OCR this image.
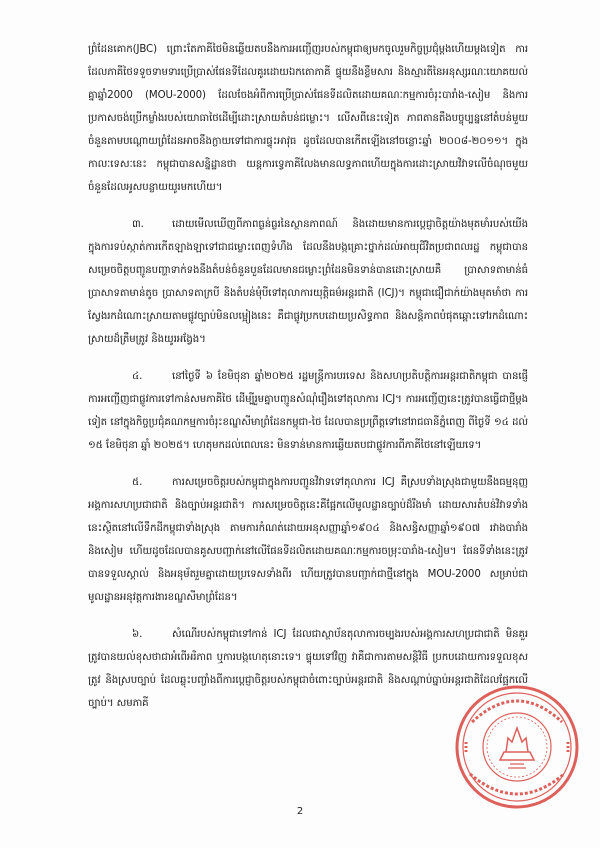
ព្រំដែនគោក(JBC) ព្រោះតែភាគីថៃមិនឆ្លើយតបនឹងការអញ្ជើញរបស់កម្ពុជាឲ្យមកចូលរួមកិច្ចប្រជុំម្តងហើយម្តងទៀត ការដែលភាគីថៃទទួចទាមទារប្រើប្រាស់ផែនទីដែលគូរដោយឯកតោភាគី ផ្ទុយនឹងខ្លឹមសារ និងស្មារតីនៃអនុស្សរណៈយោគយល់គ្នាឆ្នាំ2000 (MOU-2000) ដែលចែងអំពីការប្រើប្រាស់ផែនទីដលិតដោយគណៈកម្មការចំរុះបារាំង-សៀម និងការប្រកាសចង់ប្រើកម្លាំងរបស់យោធាថៃដើម្បីដោះស្រាយតំបន់ជម្លោះ។ លើសពីនេះទៀត ភាពតានតឹងបច្ចុប្បន្ននៅតំបន់មួយចំនួនតាមបណ្តោយព្រំដែនអាចនឹងក្លាយទៅជាការផ្ទុះអាវុធ ដូចដែលបានកើតឡើងនៅចន្លោះឆ្នាំ ២០០៨-២០១១។ ក្នុងកាលៈទេសៈនេះ កម្ពុជាបានសន្និដ្ឋានថា យន្តការទ្វេភាគីលែងមានលទ្ធភាពហើយក្នុងការដោះស្រាយវិវាទលើចំណុចមួយចំនួនដែលអូសបន្លាយយូរមកហើយ។

៣.	ដោយមើលឃើញពីភាពធ្ងន់ធ្ងរនៃស្ថានភាពណ៍ និងដោយមានការប្តេជ្ញាចិត្តយ៉ាងមុតមាំរបស់យើងក្នុងការទប់ស្កាត់ការកើតឡាងឡាទៅជាជម្លោះពេញទំហឹង ដែលនឹងបង្កគ្រោះថ្នាក់ដល់អាយុជីវិតប្រជាពលរដ្ឋ កម្ពុជាបានសម្រេចចិត្តបញ្ជូនបញ្ហាទាក់ទងនឹងតំបន់ចំនួនបួនដែលមានជម្លោះព្រំដែនមិនទាន់បានដោះស្រាយគឺ ប្រាសាទតាមាន់ធំ ប្រាសាទតាមាន់តូច ប្រាសាទតាក្របី និងតំបន់មុំបីទៅតុលាការយុត្តិធម៌អន្តរជាតិ (ICJ)។ កម្ពុជាជឿជាក់យ៉ាងមុតមាំថា ការស្វែងរកដំណោះស្រាយតាមផ្លូវច្បាប់មិនលម្អៀងនេះ គឺជាផ្លូវប្រកបដោយប្រសិទ្ធភាព និងសន្តិភាពបំផុតឆ្ពោះទៅរកដំណោះស្រាយដ៏ត្រឹមត្រូវ និងយូរអង្វែង។

៤.	នៅថ្ងៃទី ៦ ខែមិថុនា ឆ្នាំ២០២៥ រដ្ឋមន្ត្រីការបរទេស និងសហប្រតិបត្តិការអន្តរជាតិកម្ពុជា បានផ្ញើការអញ្ជើញជាផ្លូវការទៅកាន់សមភាគីថៃ ដើម្បីរួមគ្នាបញ្ជូនសំណុំរឿងទៅតុលាការ ICJ។ ការអញ្ជើញនេះត្រូវបានធ្វើជាថ្មីម្តងទៀត នៅក្នុងកិច្ចប្រជុំគណកម្មការចំរុះខណ្ឌសីមាព្រំដែនកម្ពុជា-ថៃ ដែលបានប្រព្រឹត្តទៅនៅរាជធានីភ្នំពេញ ពីថ្ងៃទី ១៤ ដល់ ១៥ ខែមិថុនា ឆ្នាំ ២០២៥។ ហេតុមកដល់ពេលនេះ មិនទាន់មានការឆ្លើយតបជាផ្លូវការពីភាគីថៃនៅឡើយទេ។

៥.	ការសម្រេចចិត្តរបស់កម្ពុជាក្នុងការបញ្ជូនវិវាទទៅតុលាការ ICJ គឺស្របទាំងស្រុងជាមួយនឹងធម្មនុញ្ញអង្គការសហប្រជាជាតិ និងច្បាប់អន្តរជាតិ។ ការសម្រេចចិត្តនេះគឺផ្អែកលើមូលដ្ឋានច្បាប់ដ៏រឹងមាំ ដោយសារតំបន់វិវាទទាំងនេះស្ថិតនៅលើទឹកដីកម្ពុជាទាំងស្រុង តាមការកំណត់ដោយអនុសញ្ញាឆ្នាំ១៩០៤ និងសន្ធិសញ្ញាឆ្នាំ១៩០៧ រវាងបារាំង និងសៀម ហើយដូចដែលបានគូសបញ្ជាក់នៅលើផែនទីដលិតដោយគណៈកម្មការចម្រុះបារាំង-សៀម។ ផែនទីទាំងនេះត្រូវបានទទួលស្គាល់ និងអនុម័តរួមគ្នាដោយប្រទេសទាំងពីរ ហើយត្រូវបានបញ្ជាក់ជាថ្មីនៅក្នុង MOU-2000 សម្រាប់ជាមូលដ្ឋានអនុវត្តការងារខណ្ឌសីមាព្រំដែន។

៦.	សំណើរបស់កម្ពុជាទៅកាន់ ICJ ដែលជាស្ថាប័នតុលាការចម្បងរបស់អង្គការសហប្រជាជាតិ មិនគួរត្រូវបានយល់ខុសថាជាអំពើអរិភាព ឬការបង្កហេតុនោះទេ។ ផ្ទុយទៅវិញ វាគឺជាការតាមសន្តិវិធី ប្រកបដោយការទទួលខុសត្រូវ និងស្របច្បាប់ ដែលឆ្លុះបញ្ចាំងពីការប្តេជ្ញាចិត្តរបស់កម្ពុជាចំពោះច្បាប់អន្តរជាតិ និងសណ្តាប់ធ្នាប់អន្តរជាតិដែលផ្អែកលើច្បាប់។ សមភាគី

2
